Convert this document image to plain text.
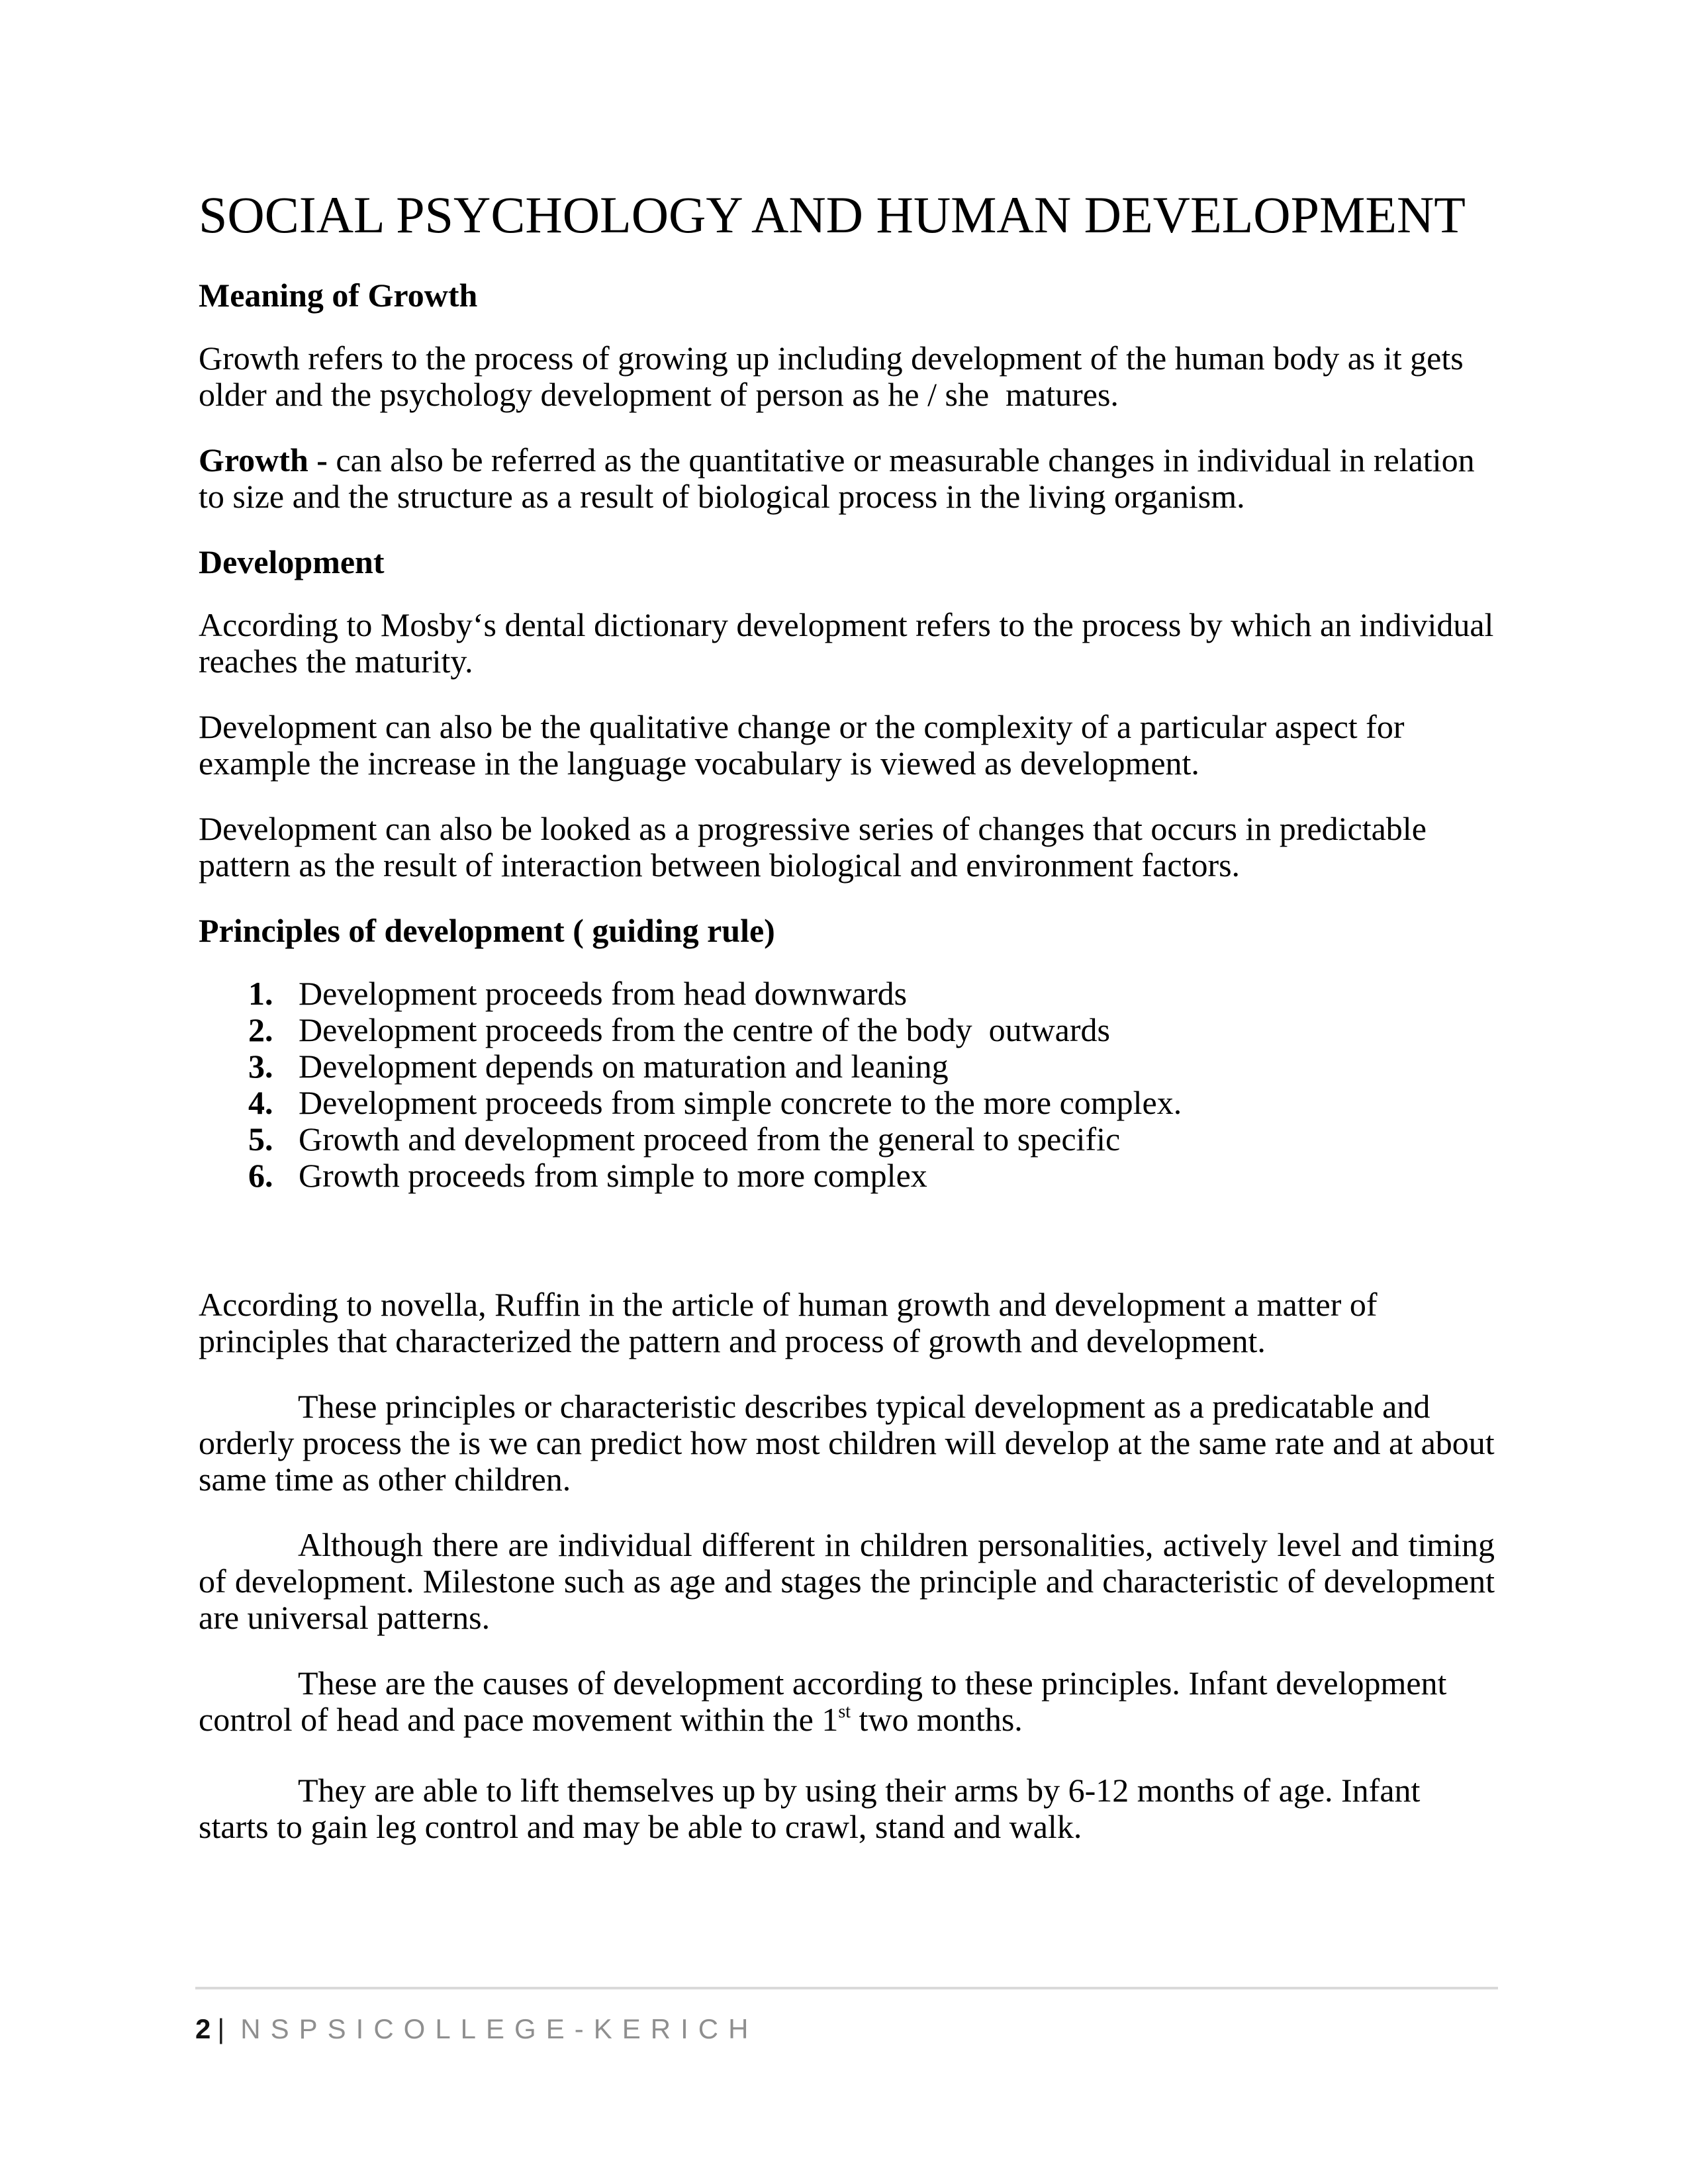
SOCIAL PSYCHOLOGY AND HUMAN DEVELOPMENT
Meaning of Growth

Growth refers to the process of growing up including development of the human body as it gets older and the psychology development of person as he / she  matures.

Growth - can also be referred as the quantitative or measurable changes in individual in relation to size and the structure as a result of biological process in the living organism.

Development

According to Mosby‘s dental dictionary development refers to the process by which an individual reaches the maturity.

Development can also be the qualitative change or the complexity of a particular aspect for example the increase in the language vocabulary is viewed as development.

Development can also be looked as a progressive series of changes that occurs in predictable pattern as the result of interaction between biological and environment factors.

Principles of development ( guiding rule)
1. Development proceeds from head downwards
2. Development proceeds from the centre of the body  outwards
3. Development depends on maturation and leaning
4. Development proceeds from simple concrete to the more complex.
5. Growth and development proceed from the general to specific
6. Growth proceeds from simple to more complex

According to novella, Ruffin in the article of human growth and development a matter of principles that characterized the pattern and process of growth and development.

These principles or characteristic describes typical development as a predicatable and orderly process the is we can predict how most children will develop at the same rate and at about same time as other children.

Although there are individual different in children personalities, actively level and timing of development. Milestone such as age and stages the principle and characteristic of development are universal patterns.

These are the causes of development according to these principles. Infant development control of head and pace movement within the 1st two months.

They are able to lift themselves up by using their arms by 6-12 months of age. Infant starts to gain leg control and may be able to crawl, stand and walk.

2 | NSPSICOLLEGE-KERICH
